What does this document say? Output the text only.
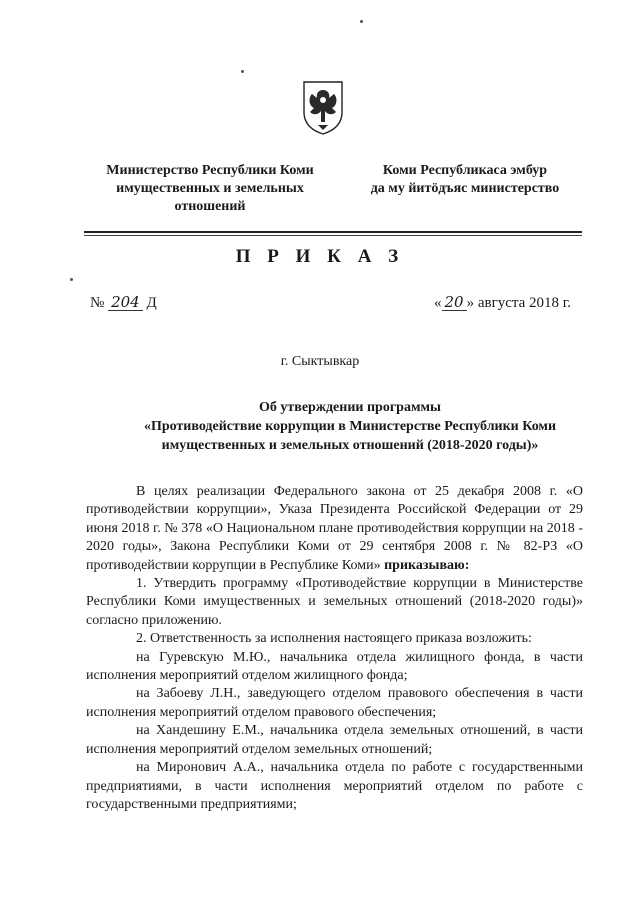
Министерство Республики Коми
имущественных и земельных
отношений
Коми Республикаса эмбур
да му йитӧдъяс министерство
П Р И К А З
№ 204 Д	« 20 » августа 2018 г.
г. Сыктывкар
Об утверждении программы
«Противодействие коррупции в Министерстве Республики Коми
имущественных и земельных отношений (2018-2020 годы)»

В целях реализации Федерального закона от 25 декабря 2008 г. «О противодействии коррупции», Указа Президента Российской Федерации от 29 июня 2018 г. № 378 «О Национальном плане противодействия коррупции на 2018 - 2020 годы», Закона Республики Коми от 29 сентября 2008 г. № 82-РЗ «О противодействии коррупции в Республике Коми» приказываю:

1. Утвердить программу «Противодействие коррупции в Министерстве Республики Коми имущественных и земельных отношений (2018-2020 годы)» согласно приложению.

2. Ответственность за исполнения настоящего приказа возложить:

на Гуревскую М.Ю., начальника отдела жилищного фонда, в части исполнения мероприятий отделом жилищного фонда;

на Забоеву Л.Н., заведующего отделом правового обеспечения в части исполнения мероприятий отделом правового обеспечения;

на Хандешину Е.М., начальника отдела земельных отношений, в части исполнения мероприятий отделом земельных отношений;

на Миронович А.А., начальника отдела по работе с государственными предприятиями, в части исполнения мероприятий отделом по работе с государственными предприятиями;
